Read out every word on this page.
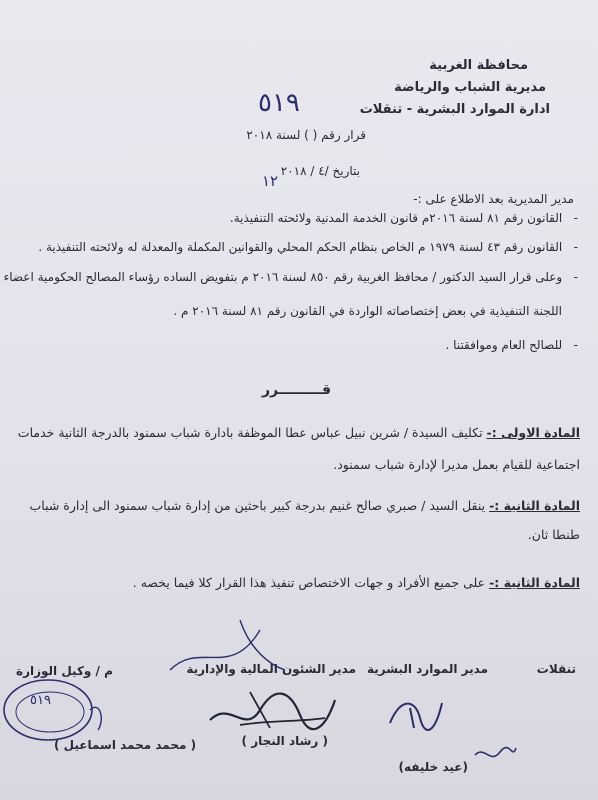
محافظة الغربية
مديرية الشباب والرياضة
ادارة الموارد البشرية - تنقلات
قرار رقم ( ) لسنة ٢٠١٨
٥١٩
بتاريخ /٤ / ٢٠١٨
١٢
مدير المديرية بعد الاطلاع على :-
-   القانون رقم ٨١ لسنة ٢٠١٦م قانون الخدمة المدنية ولائحته التنفيذية.
-   القانون رقم ٤٣ لسنة ١٩٧٩ م الخاص بنظام الحكم المحلي والقوانين المكملة والمعدلة له ولائحته التنفيذية .
-   وعلى قرار السيد الدكتور / محافظ الغربية رقم ٨٥٠ لسنة ٢٠١٦ م بتفويض الساده رؤساء المصالح الحكومية اعضاء
اللجنة التنفيذية في بعض إختصاصاته الواردة في القانون رقم ٨١ لسنة ٢٠١٦ م .
-   للصالح العام وموافقتنا .
قـــــــــرر
المادة الاولى :- تكليف السيدة / شرين نبيل عباس عطا الموظفة بادارة شباب سمنود بالدرجة الثانية خدمات
اجتماعية للقيام بعمل مديرا لإدارة شباب سمنود.
المادة الثانية :- ينقل السيد / صبري صالح غنيم بدرجة كبير باحثين من إدارة شباب سمنود الى إدارة شباب
طنطا ثان.
المادة الثانية :- على جميع الأفراد و جهات الاختصاص تنفيذ هذا القرار كلا فيما يخصه .
تنقلات
مدير الموارد البشرية
مدير الشئون المالية والإدارية
م / وكيل الوزارة
(عيد خليفه)
( رشاد النجار )
( محمد محمد اسماعيل )
٥١٩
